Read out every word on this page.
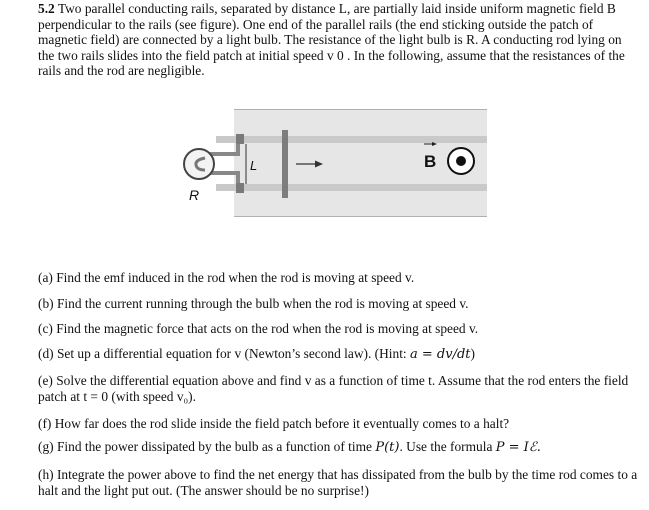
5.2 Two parallel conducting rails, separated by distance L, are partially laid inside uniform magnetic field B perpendicular to the rails (see figure). One end of the parallel rails (the end sticking outside the patch of magnetic field) are connected by a light bulb. The resistance of the light bulb is R. A conducting rod lying on the two rails slides into the field patch at initial speed v 0 . In the following, assume that the resistances of the rails and the rod are negligible.
L
R
B
(a) Find the emf induced in the rod when the rod is moving at speed v.
(b) Find the current running through the bulb when the rod is moving at speed v.
(c) Find the magnetic force that acts on the rod when the rod is moving at speed v.
(d) Set up a differential equation for v (Newton’s second law). (Hint: a = dv/dt)
(e) Solve the differential equation above and find v as a function of time t. Assume that the rod enters the field patch at t = 0 (with speed v₀).
(f) How far does the rod slide inside the field patch before it eventually comes to a halt?
(g) Find the power dissipated by the bulb as a function of time P(t). Use the formula P = Iℰ.
(h) Integrate the power above to find the net energy that has dissipated from the bulb by the time rod comes to a halt and the light put out. (The answer should be no surprise!)
